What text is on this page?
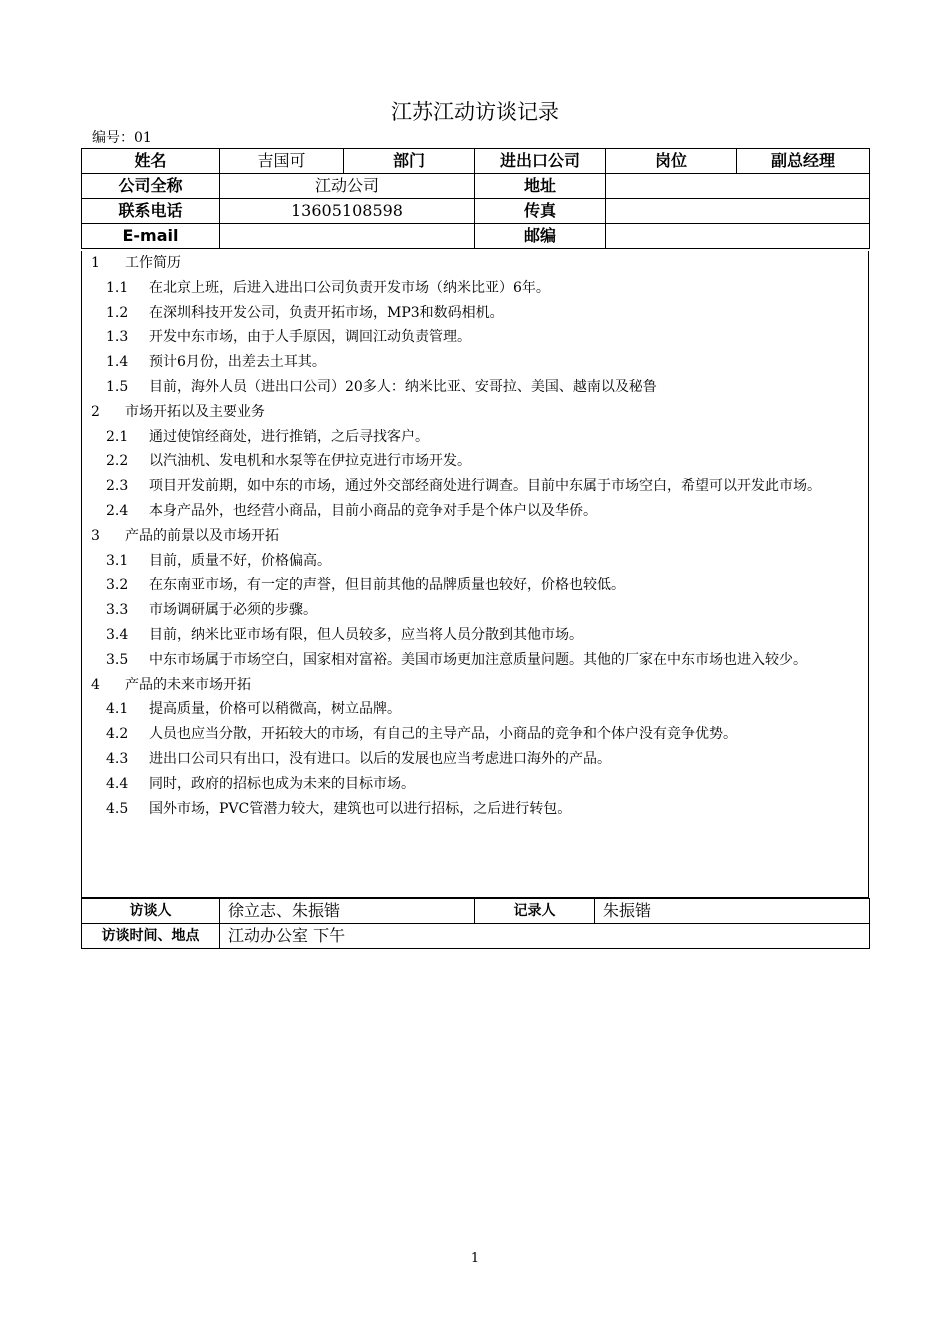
江苏江动访谈记录
编号：01
姓名	吉国可	部门	进出口公司	岗位	副总经理
公司全称	江动公司		地址		
联系电话	13605108598		传真		
E-mail			邮编		
1	工作简历
1.1	在北京上班，后进入进出口公司负责开发市场（纳米比亚）6年。
1.2	在深圳科技开发公司，负责开拓市场，MP3和数码相机。
1.3	开发中东市场，由于人手原因，调回江动负责管理。
1.4	预计6月份，出差去土耳其。
1.5	目前，海外人员（进出口公司）20多人：纳米比亚、安哥拉、美国、越南以及秘鲁
2	市场开拓以及主要业务
2.1	通过使馆经商处，进行推销，之后寻找客户。
2.2	以汽油机、发电机和水泵等在伊拉克进行市场开发。
2.3	项目开发前期，如中东的市场，通过外交部经商处进行调查。目前中东属于市场空白，希望可以开发此市场。
2.4	本身产品外，也经营小商品，目前小商品的竞争对手是个体户以及华侨。
3	产品的前景以及市场开拓
3.1	目前，质量不好，价格偏高。
3.2	在东南亚市场，有一定的声誉，但目前其他的品牌质量也较好，价格也较低。
3.3	市场调研属于必须的步骤。
3.4	目前，纳米比亚市场有限，但人员较多，应当将人员分散到其他市场。
3.5	中东市场属于市场空白，国家相对富裕。美国市场更加注意质量问题。其他的厂家在中东市场也进入较少。
4	产品的未来市场开拓
4.1	提高质量，价格可以稍微高，树立品牌。
4.2	人员也应当分散，开拓较大的市场，有自己的主导产品，小商品的竞争和个体户没有竞争优势。
4.3	进出口公司只有出口，没有进口。以后的发展也应当考虑进口海外的产品。
4.4	同时，政府的招标也成为未来的目标市场。
4.5	国外市场，PVC管潜力较大，建筑也可以进行招标，之后进行转包。
访谈人	徐立志、朱振锴	记录人	朱振锴
访谈时间、地点	江动办公室 下午		
1
